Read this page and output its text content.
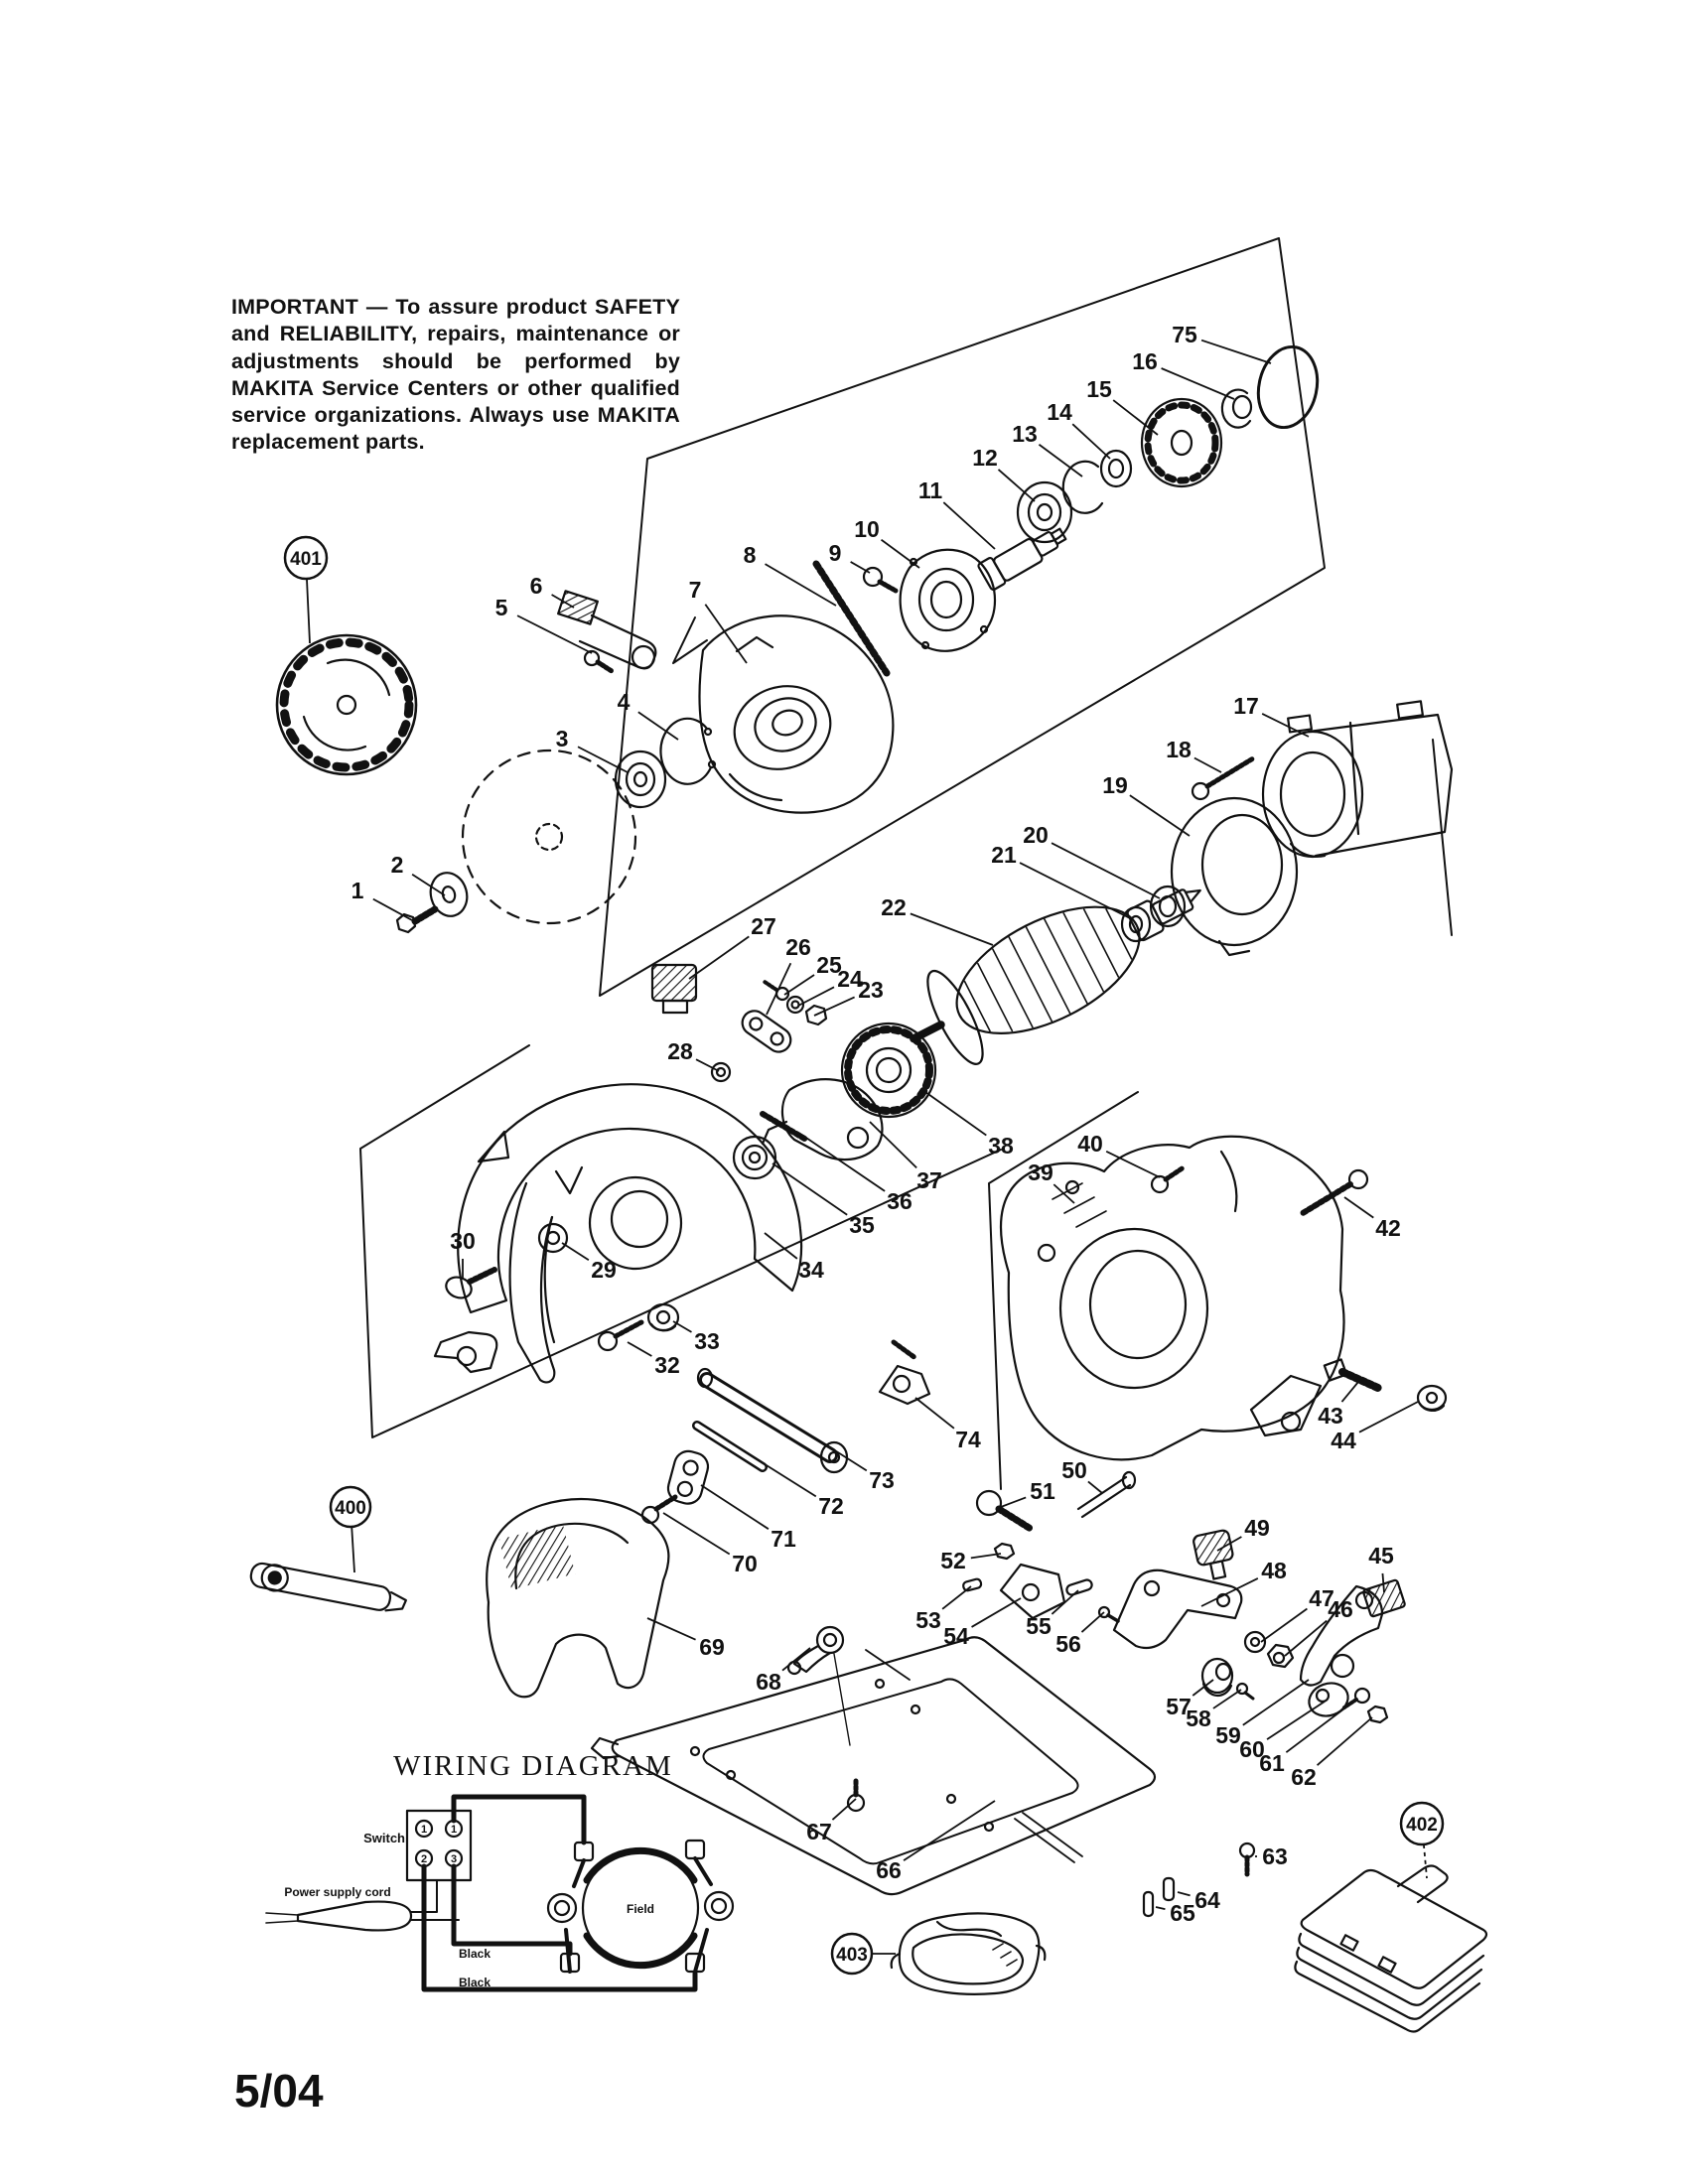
IMPORTANT — To assure product SAFETY and RELIABILITY, repairs, maintenance or adjustments should be performed by MAKITA Service Centers or other qualified service organizations. Always use MAKITA replacement parts.
WIRING DIAGRAM
Switch
Power supply cord
Black
Black
Field
1 1
2 3
5/04
1
2
3
4
5
6	7
8	9
10
11
12
13
14
15
16
75
17
18
19
20
21
22
23
24
25
26
27
28
29
30
32
33
34
35
36
37
38
39
40
42
43
44
45
46
47
48
49
50
51
52
53
54 55
56
57
58
59
60
61
62
63
64
65
66
67
68
69
70
71
72
73
74
401
400
402
403
